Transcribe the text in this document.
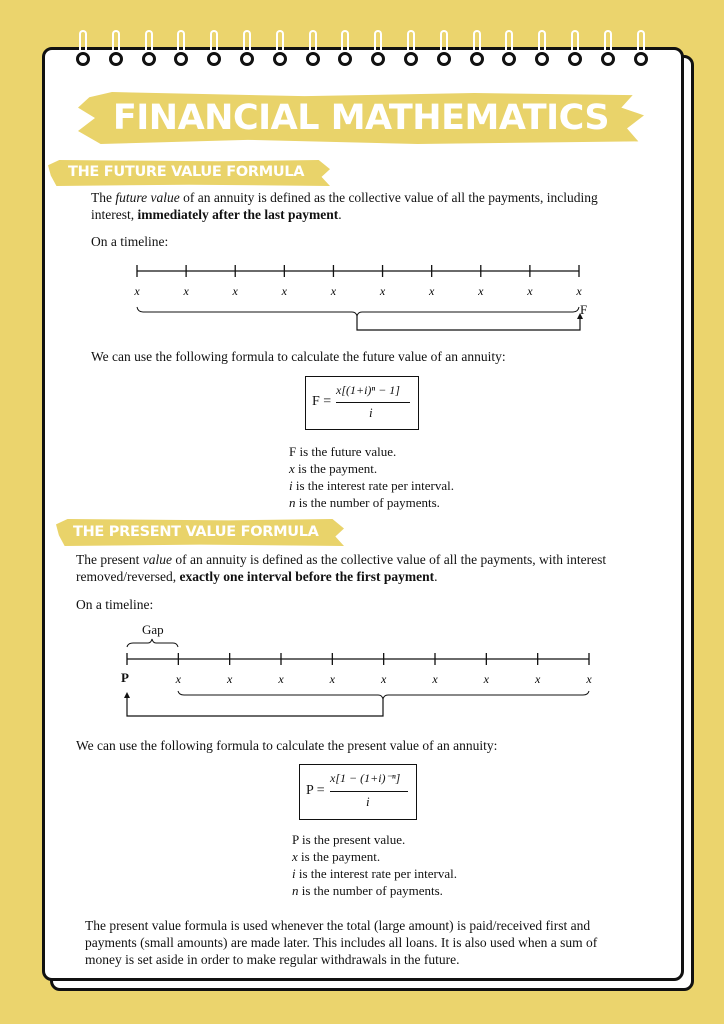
FINANCIAL MATHEMATICS
THE FUTURE VALUE FORMULA
The future value of an annuity is defined as the collective value of all the payments, including interest, immediately after the last payment.
On a timeline:
x	x	x	x	x	x	x	x	x	x
F
We can use the following formula to calculate the future value of an annuity:
F =
x[(1+i)ⁿ − 1]
i
F is the future value.
x is the payment.
i is the interest rate per interval.
n is the number of payments.
THE PRESENT VALUE FORMULA
The present value of an annuity is defined as the collective value of all the payments, with interest removed/reversed, exactly one interval before the first payment.
On a timeline:
Gap
P	x	x	x	x	x	x	x	x	x
We can use the following formula to calculate the present value of an annuity:
P =
x[1 − (1+i)⁻ⁿ]
i
P is the present value.
x is the payment.
i is the interest rate per interval.
n is the number of payments.
The present value formula is used whenever the total (large amount) is paid/received first and payments (small amounts) are made later. This includes all loans. It is also used when a sum of money is set aside in order to make regular withdrawals in the future.
